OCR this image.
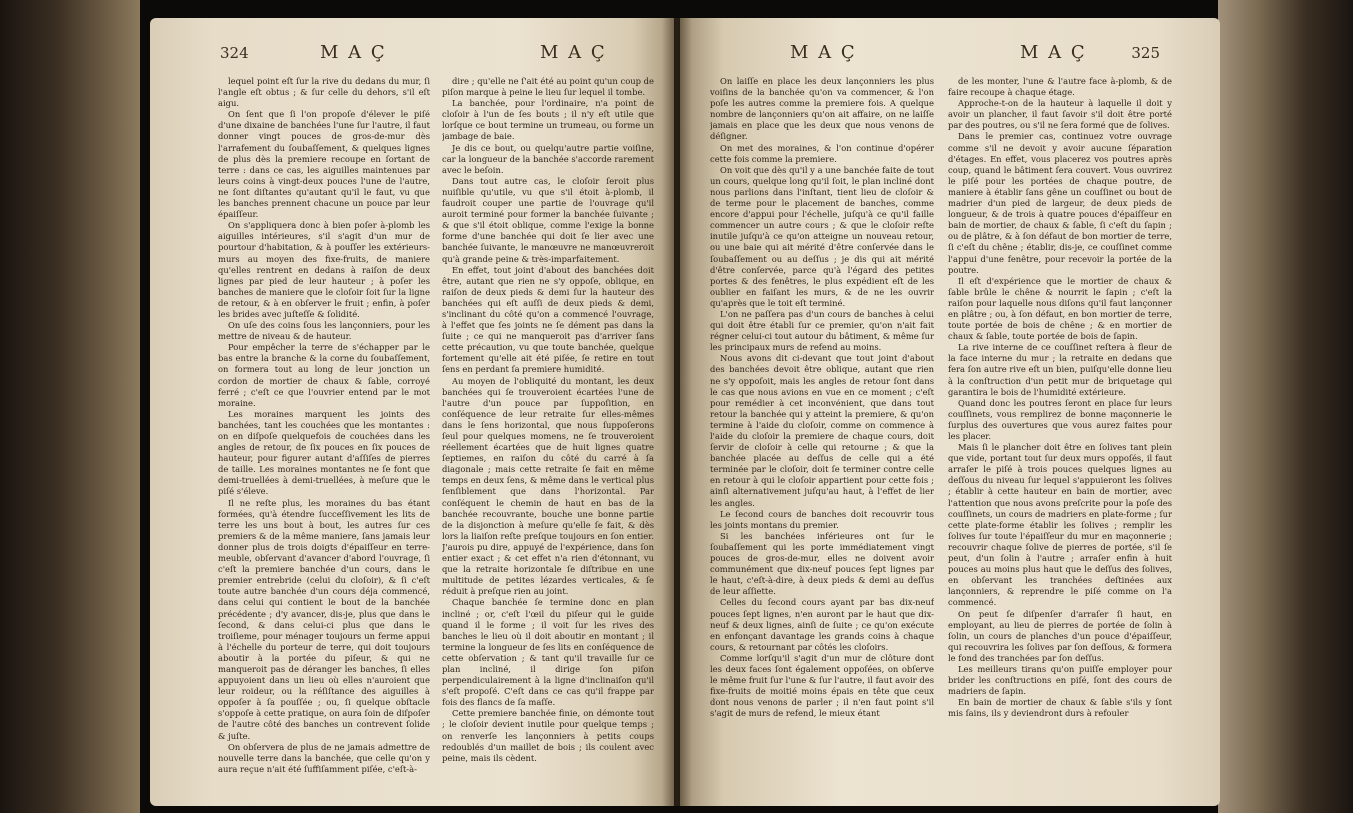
324	M A Ç	M A Ç

lequel point eſt ſur la rive du dedans du mur, ſi l'angle eſt obtus ; & ſur celle du dehors, s'il eſt aigu.

On ſent que ſi l'on propoſe d'élever le piſé d'une dixaine de banchées l'une ſur l'autre, il faut donner vingt pouces de gros-de-mur dès l'arrafement du ſoubaſſement, & quelques lignes de plus dès la premiere recoupe en ſortant de terre : dans ce cas, les aiguilles maintenues par leurs coins à vingt-deux pouces l'une de l'autre, ne ſont diſtantes qu'autant qu'il le faut, vu que les banches prennent chacune un pouce par leur épaiſſeur.

On s'appliquera donc à bien poſer à-plomb les aiguilles intérieures, s'il s'agit d'un mur de pourtour d'habitation, & à pouſſer les extérieurs-murs au moyen des fixe-fruits, de maniere qu'elles rentrent en dedans à raiſon de deux lignes par pied de leur hauteur ; à poſer les banches de maniere que le cloſoir ſoit ſur la ligne de retour, & à en obſerver le fruit ; enfin, à poſer les brides avec juſteſſe & ſolidité.

On uſe des coins ſous les lançonniers, pour les mettre de niveau & de hauteur.

Pour empêcher la terre de s'échapper par le bas entre la branche & la corne du ſoubaſſement, on formera tout au long de leur jonction un cordon de mortier de chaux & ſable, corroyé ferré ; c'eſt ce que l'ouvrier entend par le mot moraine.

Les moraines marquent les joints des banchées, tant les couchées que les montantes : on en diſpoſe quelquefois de couchées dans les angles de retour, de ſix pouces en ſix pouces de hauteur, pour figurer autant d'aſſiſes de pierres de taille. Les moraines montantes ne ſe font que demi-truellées à demi-truellées, à meſure que le piſé s'éleve.

Il ne reſte plus, les moraines du bas étant formées, qu'à étendre ſucceſſivement les lits de terre les uns bout à bout, les autres ſur ces premiers & de la même maniere, ſans jamais leur donner plus de trois doigts d'épaiſſeur en terre-meuble, obſervant d'avancer d'abord l'ouvrage, ſi c'eſt la premiere banchée d'un cours, dans le premier entrebride (celui du cloſoir), & ſi c'eſt toute autre banchée d'un cours déja commencé, dans celui qui contient le bout de la banchée précédente ; d'y avancer, dis-je, plus que dans le ſecond, & dans celui-ci plus que dans le troiſieme, pour ménager toujours un ferme appui à l'échelle du porteur de terre, qui doit toujours aboutir à la portée du piſeur, & qui ne manqueroit pas de déranger les banches, ſi elles appuyoient dans un lieu où elles n'auroient que leur roideur, ou la réſiſtance des aiguilles à oppoſer à ſa pouſſée ; ou, ſi quelque obſtacle s'oppoſe à cette pratique, on aura ſoin de diſpoſer de l'autre côté des banches un contrevent ſolide & juſte.

On obſervera de plus de ne jamais admettre de nouvelle terre dans la banchée, que celle qu'on y aura reçue n'ait été ſuffiſamment piſée, c'eſt-à-

dire ; qu'elle ne ſ'ait été au point qu'un coup de piſon marque à peine le lieu ſur lequel il tombe.

La banchée, pour l'ordinaire, n'a point de cloſoir à l'un de ſes bouts ; il n'y eſt utile que lorſque ce bout termine un trumeau, ou forme un jambage de baie.

Je dis ce bout, ou quelqu'autre partie voiſine, car la longueur de la banchée s'accorde rarement avec le beſoin.

Dans tout autre cas, le cloſoir ſeroit plus nuiſible qu'utile, vu que s'il étoit à-plomb, il faudroit couper une partie de l'ouvrage qu'il auroit terminé pour former la banchée ſuivante ; & que s'il étoit oblique, comme l'exige la bonne forme d'une banchée qui doit ſe lier avec une banchée ſuivante, le manœuvre ne manœuvreroit qu'à grande peine & très-imparfaitement.

En effet, tout joint d'about des banchées doit être, autant que rien ne s'y oppoſe, oblique, en raiſon de deux pieds & demi ſur la hauteur des banchées qui eſt auſſi de deux pieds & demi, s'inclinant du côté qu'on a commencé l'ouvrage, à l'effet que ſes joints ne ſe dément pas dans la ſuite ; ce qui ne manqueroit pas d'arriver ſans cette précaution, vu que toute banchée, quelque fortement qu'elle ait été piſée, ſe retire en tout ſens en perdant ſa premiere humidité.

Au moyen de l'obliquité du montant, les deux banchées qui ſe trouveroient écartées l'une de l'autre d'un pouce par ſuppoſition, en conſéquence de leur retraite ſur elles-mêmes dans le ſens horizontal, que nous ſuppoſerons ſeul pour quelques momens, ne ſe trouveroient réellement écartées que de huit lignes quatre ſeptiemes, en raiſon du côté du carré à ſa diagonale ; mais cette retraite ſe fait en même temps en deux ſens, & même dans le vertical plus ſenſiblement que dans l'horizontal. Par conſéquent le chemin de haut en bas de la banchée recouvrante, bouche une bonne partie de la disjonction à meſure qu'elle ſe fait, & dès lors la liaiſon reſte preſque toujours en ſon entier. J'aurois pu dire, appuyé de l'expérience, dans ſon entier exact ; & cet effet n'a rien d'étonnant, vu que la retraite horizontale ſe diſtribue en une multitude de petites lézardes verticales, & ſe réduit à preſque rien au joint.

Chaque banchée ſe termine donc en plan incliné ; or, c'eſt l'œil du piſeur qui le guide quand il le forme ; il voit ſur les rives des banches le lieu où il doit aboutir en montant ; il termine la longueur de ſes lits en conſéquence de cette obſervation ; & tant qu'il travaille ſur ce plan incliné, il dirige ſon piſon perpendiculairement à la ligne d'inclinaiſon qu'il s'eſt propoſé. C'eſt dans ce cas qu'il frappe par fois des flancs de ſa maſſe.

Cette premiere banchée finie, on démonte tout ; le cloſoir devient inutile pour quelque temps ; on renverſe les lançonniers à petits coups redoublés d'un maillet de bois ; ils coulent avec peine, mais ils cèdent.

M A Ç	M A Ç	325

On laiſſe en place les deux lançonniers les plus voiſins de la banchée qu'on va commencer, & l'on poſe les autres comme la premiere fois. A quelque nombre de lançonniers qu'on ait affaire, on ne laiſſe jamais en place que les deux que nous venons de déſigner.

On met des moraines, & l'on continue d'opérer cette fois comme la premiere.

On voit que dès qu'il y a une banchée faite de tout un cours, quelque long qu'il ſoit, le plan incliné dont nous parlions dans l'inſtant, tient lieu de cloſoir & de terme pour le placement de banches, comme encore d'appui pour l'échelle, juſqu'à ce qu'il faille commencer un autre cours ; & que le cloſoir reſte inutile juſqu'à ce qu'on atteigne un nouveau retour, ou une baie qui ait mérité d'être conſervée dans le ſoubaſſement ou au deſſus ; je dis qui ait mérité d'être conſervée, parce qu'à l'égard des petites portes & des fenêtres, le plus expédient eſt de les oublier en faiſant les murs, & de ne les ouvrir qu'après que le toit eſt terminé.

L'on ne paſſera pas d'un cours de banches à celui qui doit être établi ſur ce premier, qu'on n'ait fait régner celui-ci tout autour du bâtiment, & même ſur les principaux murs de refend au moins.

Nous avons dit ci-devant que tout joint d'about des banchées devoit être oblique, autant que rien ne s'y oppoſoit, mais les angles de retour ſont dans le cas que nous avions en vue en ce moment ; c'eſt pour remédier à cet inconvénient, que dans tout retour la banchée qui y atteint la premiere, & qu'on termine à l'aide du cloſoir, comme on commence à l'aide du cloſoir la premiere de chaque cours, doit ſervir de cloſoir à celle qui retourne ; & que la banchée placée au deſſus de celle qui a été terminée par le cloſoir, doit ſe terminer contre celle en retour à qui le cloſoir appartient pour cette fois ; ainſi alternativement juſqu'au haut, à l'effet de lier les angles.

Le ſecond cours de banches doit recouvrir tous les joints montans du premier.

Si les banchées inférieures ont ſur le ſoubaſſement qui les porte immédiatement vingt pouces de gros-de-mur, elles ne doivent avoir communément que dix-neuf pouces ſept lignes par le haut, c'eſt-à-dire, à deux pieds & demi au deſſus de leur aſſiette.

Celles du ſecond cours ayant par bas dix-neuf pouces ſept lignes, n'en auront par le haut que dix-neuf & deux lignes, ainſi de ſuite ; ce qu'on exécute en enfonçant davantage les grands coins à chaque cours, & retournant par côtés les cloſoirs.

Comme lorſqu'il s'agit d'un mur de clôture dont les deux faces ſont également oppoſées, on obſerve le même fruit ſur l'une & ſur l'autre, il faut avoir des fixe-fruits de moitié moins épais en tête que ceux dont nous venons de parler ; il n'en faut point s'il s'agit de murs de refend, le mieux étant

de les monter, l'une & l'autre face à-plomb, & de faire recoupe à chaque étage.

Approche-t-on de la hauteur à laquelle il doit y avoir un plancher, il faut ſavoir s'il doit être porté par des poutres, ou s'il ne ſera formé que de ſolives.

Dans le premier cas, continuez votre ouvrage comme s'il ne devoit y avoir aucune ſéparation d'étages. En effet, vous placerez vos poutres après coup, quand le bâtiment ſera couvert. Vous ouvrirez le piſé pour les portées de chaque poutre, de maniere à établir ſans gêne un couſſinet ou bout de madrier d'un pied de largeur, de deux pieds de longueur, & de trois à quatre pouces d'épaiſſeur en bain de mortier, de chaux & ſable, ſi c'eſt du ſapin ; ou de plâtre, & à ſon défaut de bon mortier de terre, ſi c'eſt du chêne ; établir, dis-je, ce couſſinet comme l'appui d'une fenêtre, pour recevoir la portée de la poutre.

Il eſt d'expérience que le mortier de chaux & ſable brûle le chêne & nourrit le ſapin ; c'eſt la raiſon pour laquelle nous diſons qu'il faut lançonner en plâtre ; ou, à ſon défaut, en bon mortier de terre, toute portée de bois de chêne ; & en mortier de chaux & ſable, toute portée de bois de ſapin.

La rive interne de ce couſſinet reſtera à fleur de la face interne du mur ; la retraite en dedans que fera ſon autre rive eſt un bien, puiſqu'elle donne lieu à la conſtruction d'un petit mur de briquetage qui garantira le bois de l'humidité extérieure.

Quand donc les poutres ſeront en place ſur leurs couſſinets, vous remplirez de bonne maçonnerie le ſurplus des ouvertures que vous aurez faites pour les placer.

Mais ſi le plancher doit être en ſolives tant plein que vide, portant tout ſur deux murs oppoſés, il faut arraſer le piſé à trois pouces quelques lignes au deſſous du niveau ſur lequel s'appuieront les ſolives ; établir à cette hauteur en bain de mortier, avec l'attention que nous avons preſcrite pour la poſe des couſſinets, un cours de madriers en plate-forme ; ſur cette plate-forme établir les ſolives ; remplir les ſolives ſur toute l'épaiſſeur du mur en maçonnerie ; recouvrir chaque ſolive de pierres de portée, s'il ſe peut, d'un ſolin à l'autre ; arraſer enfin à huit pouces au moins plus haut que le deſſus des ſolives, en obſervant les tranchées deſtinées aux lançonniers, & reprendre le piſé comme on l'a commencé.

On peut ſe diſpenſer d'arraſer ſi haut, en employant, au lieu de pierres de portée de ſolin à ſolin, un cours de planches d'un pouce d'épaiſſeur, qui recouvrira les ſolives par ſon deſſous, & formera le fond des tranchées par ſon deſſus.

Les meilleurs tirans qu'on puiſſe employer pour brider les conſtructions en piſé, ſont des cours de madriers de ſapin.

En bain de mortier de chaux & ſable s'ils y ſont mis ſains, ils y deviendront durs à refouler
